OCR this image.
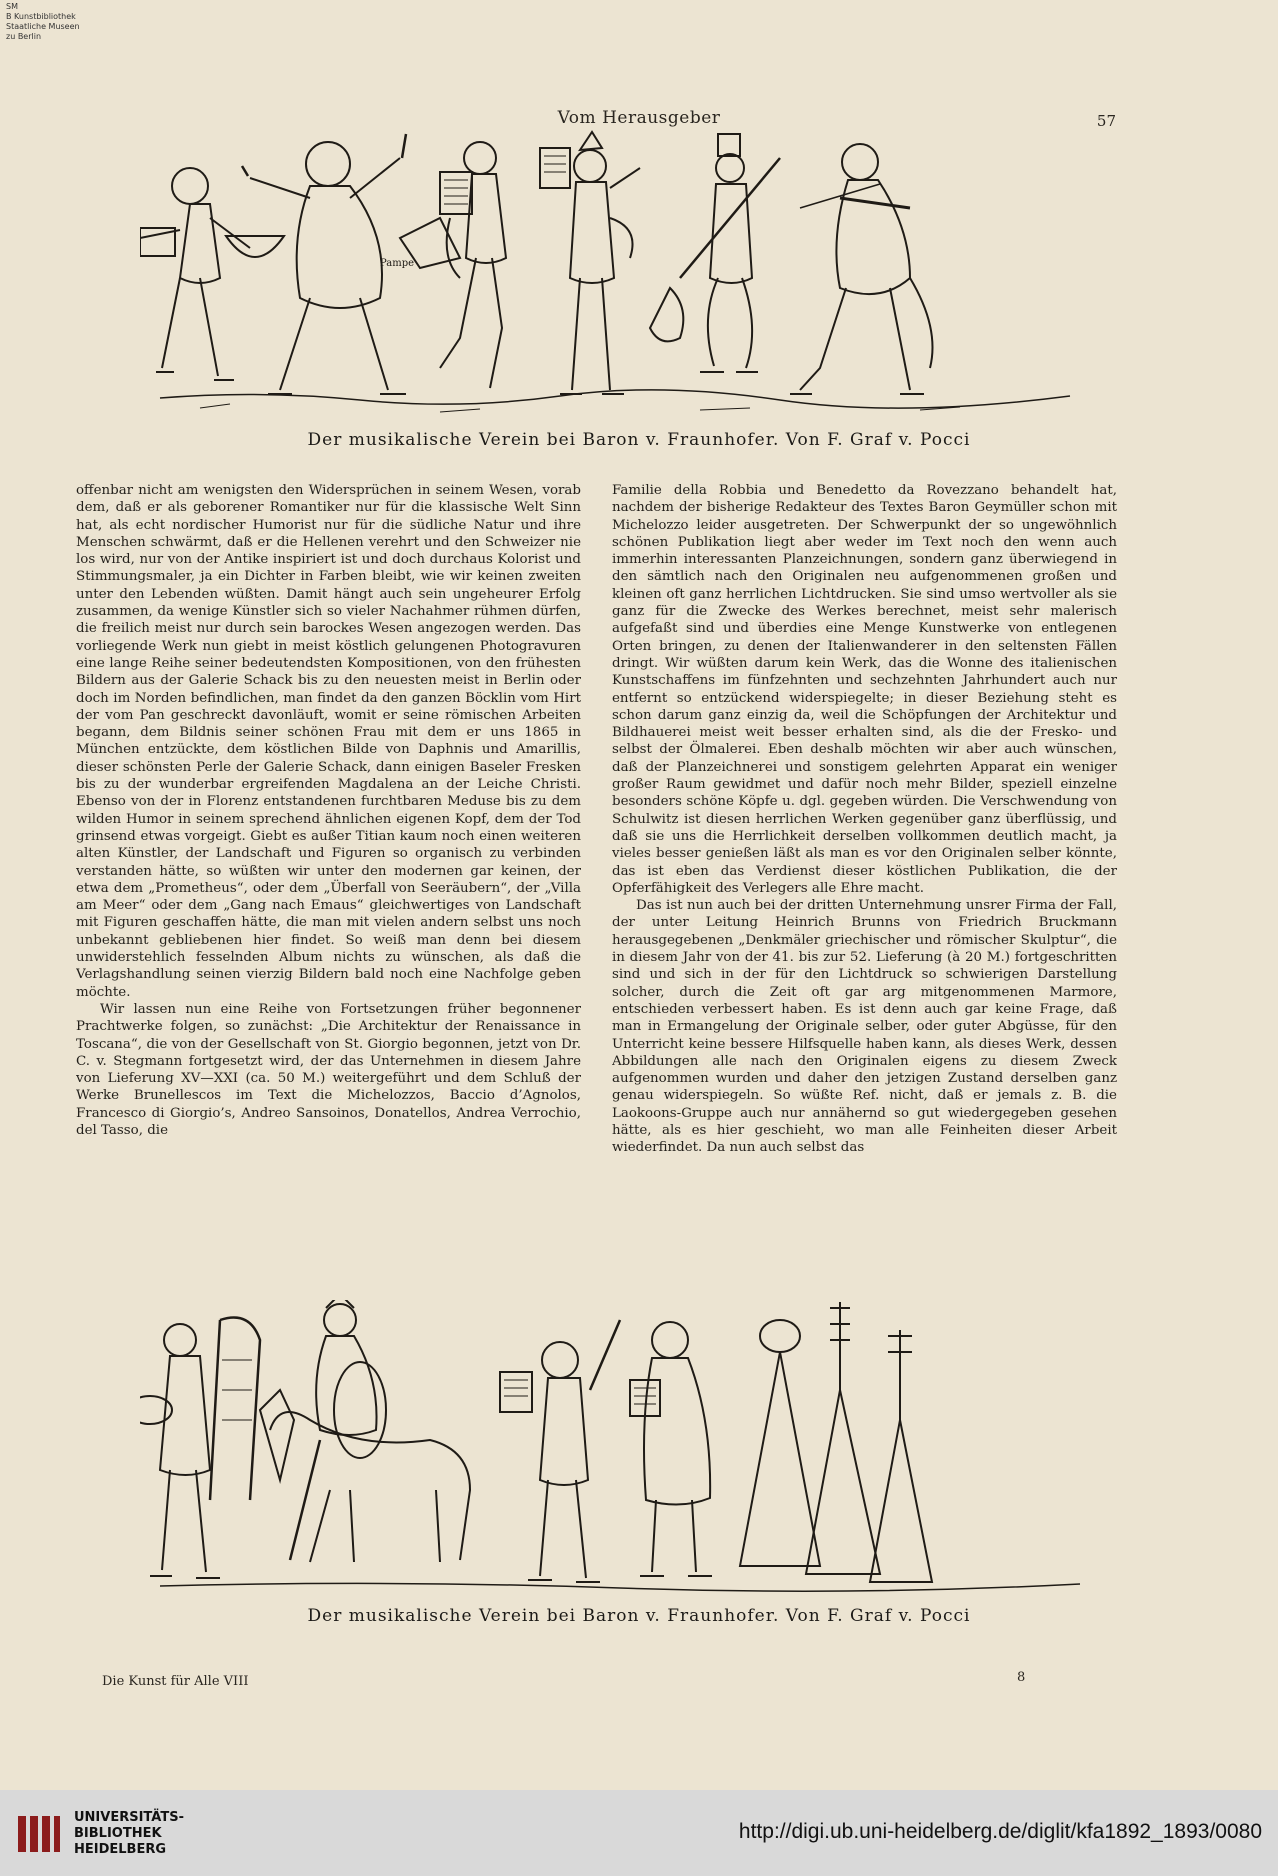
SM
B Kunstbibliothek
Staatliche Museen
zu Berlin
Vom Herausgeber	57
Pampe
Der musikalische Verein bei Baron v. Fraunhofer. Von F. Graf v. Pocci

offenbar nicht am wenigsten den Widersprüchen in seinem Wesen, vorab dem, daß er als geborener Romantiker nur für die klassische Welt Sinn hat, als echt nordischer Humorist nur für die südliche Natur und ihre Menschen schwärmt, daß er die Hellenen verehrt und den Schweizer nie los wird, nur von der Antike inspiriert ist und doch durchaus Kolorist und Stimmungsmaler, ja ein Dichter in Farben bleibt, wie wir keinen zweiten unter den Lebenden wüßten. Damit hängt auch sein ungeheurer Erfolg zusammen, da wenige Künstler sich so vieler Nachahmer rühmen dürfen, die freilich meist nur durch sein barockes Wesen angezogen werden. Das vorliegende Werk nun giebt in meist köstlich gelungenen Photogravuren eine lange Reihe seiner bedeutendsten Kompositionen, von den frühesten Bildern aus der Galerie Schack bis zu den neuesten meist in Berlin oder doch im Norden befindlichen, man findet da den ganzen Böcklin vom Hirt der vom Pan geschreckt davonläuft, womit er seine römischen Arbeiten begann, dem Bildnis seiner schönen Frau mit dem er uns 1865 in München entzückte, dem köstlichen Bilde von Daphnis und Amarillis, dieser schönsten Perle der Galerie Schack, dann einigen Baseler Fresken bis zu der wunderbar ergreifenden Magdalena an der Leiche Christi. Ebenso von der in Florenz entstandenen furchtbaren Meduse bis zu dem wilden Humor in seinem sprechend ähnlichen eigenen Kopf, dem der Tod grinsend etwas vorgeigt. Giebt es außer Titian kaum noch einen weiteren alten Künstler, der Landschaft und Figuren so organisch zu verbinden verstanden hätte, so wüßten wir unter den modernen gar keinen, der etwa dem „Prometheus“, oder dem „Überfall von Seeräubern“, der „Villa am Meer“ oder dem „Gang nach Emaus“ gleichwertiges von Landschaft mit Figuren geschaffen hätte, die man mit vielen andern selbst uns noch unbekannt gebliebenen hier findet. So weiß man denn bei diesem unwiderstehlich fesselnden Album nichts zu wünschen, als daß die Verlagshandlung seinen vierzig Bildern bald noch eine Nachfolge geben möchte.

Wir lassen nun eine Reihe von Fortsetzungen früher begonnener Prachtwerke folgen, so zunächst: „Die Architektur der Renaissance in Toscana“, die von der Gesellschaft von St. Giorgio begonnen, jetzt von Dr. C. v. Stegmann fortgesetzt wird, der das Unternehmen in diesem Jahre von Lieferung XV—XXI (ca. 50 M.) weitergeführt und dem Schluß der Werke Brunellescos im Text die Michelozzos, Baccio d’Agnolos, Francesco di Giorgio’s, Andreo Sansoinos, Donatellos, Andrea Verrochio, del Tasso, die

Familie della Robbia und Benedetto da Rovezzano behandelt hat, nachdem der bisherige Redakteur des Textes Baron Geymüller schon mit Michelozzo leider ausgetreten. Der Schwerpunkt der so ungewöhnlich schönen Publikation liegt aber weder im Text noch den wenn auch immerhin interessanten Planzeichnungen, sondern ganz überwiegend in den sämtlich nach den Originalen neu aufgenommenen großen und kleinen oft ganz herrlichen Lichtdrucken. Sie sind umso wertvoller als sie ganz für die Zwecke des Werkes berechnet, meist sehr malerisch aufgefaßt sind und überdies eine Menge Kunstwerke von entlegenen Orten bringen, zu denen der Italienwanderer in den seltensten Fällen dringt. Wir wüßten darum kein Werk, das die Wonne des italienischen Kunstschaffens im fünfzehnten und sechzehnten Jahrhundert auch nur entfernt so entzückend widerspiegelte; in dieser Beziehung steht es schon darum ganz einzig da, weil die Schöpfungen der Architektur und Bildhauerei meist weit besser erhalten sind, als die der Fresko- und selbst der Ölmalerei. Eben deshalb möchten wir aber auch wünschen, daß der Planzeichnerei und sonstigem gelehrten Apparat ein weniger großer Raum gewidmet und dafür noch mehr Bilder, speziell einzelne besonders schöne Köpfe u. dgl. gegeben würden. Die Verschwendung von Schulwitz ist diesen herrlichen Werken gegenüber ganz überflüssig, und daß sie uns die Herrlichkeit derselben vollkommen deutlich macht, ja vieles besser genießen läßt als man es vor den Originalen selber könnte, das ist eben das Verdienst dieser köstlichen Publikation, die der Opferfähigkeit des Verlegers alle Ehre macht.

Das ist nun auch bei der dritten Unternehmung unsrer Firma der Fall, der unter Leitung Heinrich Brunns von Friedrich Bruckmann herausgegebenen „Denkmäler griechischer und römischer Skulptur“, die in diesem Jahr von der 41. bis zur 52. Lieferung (à 20 M.) fortgeschritten sind und sich in der für den Lichtdruck so schwierigen Darstellung solcher, durch die Zeit oft gar arg mitgenommenen Marmore, entschieden verbessert haben. Es ist denn auch gar keine Frage, daß man in Ermangelung der Originale selber, oder guter Abgüsse, für den Unterricht keine bessere Hilfsquelle haben kann, als dieses Werk, dessen Abbildungen alle nach den Originalen eigens zu diesem Zweck aufgenommen wurden und daher den jetzigen Zustand derselben ganz genau widerspiegeln. So wüßte Ref. nicht, daß er jemals z. B. die Laokoons-Gruppe auch nur annähernd so gut wiedergegeben gesehen hätte, als es hier geschieht, wo man alle Feinheiten dieser Arbeit wiederfindet. Da nun auch selbst das

Der musikalische Verein bei Baron v. Fraunhofer. Von F. Graf v. Pocci
Die Kunst für Alle VIII	8
UNIVERSITÄTS-
BIBLIOTHEK
HEIDELBERG
http://digi.ub.uni-heidelberg.de/diglit/kfa1892_1893/0080
